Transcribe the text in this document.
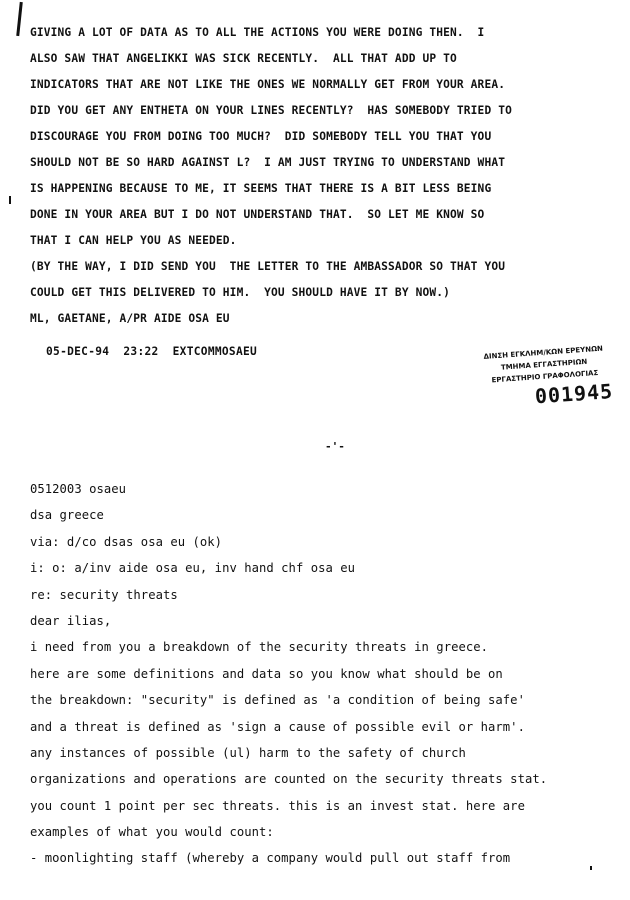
GIVING A LOT OF DATA AS TO ALL THE ACTIONS YOU WERE DOING THEN.  I
ALSO SAW THAT ANGELIKKI WAS SICK RECENTLY.  ALL THAT ADD UP TO
INDICATORS THAT ARE NOT LIKE THE ONES WE NORMALLY GET FROM YOUR AREA.
DID YOU GET ANY ENTHETA ON YOUR LINES RECENTLY?  HAS SOMEBODY TRIED TO
DISCOURAGE YOU FROM DOING TOO MUCH?  DID SOMEBODY TELL YOU THAT YOU
SHOULD NOT BE SO HARD AGAINST L?  I AM JUST TRYING TO UNDERSTAND WHAT
IS HAPPENING BECAUSE TO ME, IT SEEMS THAT THERE IS A BIT LESS BEING
DONE IN YOUR AREA BUT I DO NOT UNDERSTAND THAT.  SO LET ME KNOW SO
THAT I CAN HELP YOU AS NEEDED.
(BY THE WAY, I DID SEND YOU  THE LETTER TO THE AMBASSADOR SO THAT YOU
COULD GET THIS DELIVERED TO HIM.  YOU SHOULD HAVE IT BY NOW.)
ML, GAETANE, A/PR AIDE OSA EU
05-DEC-94  23:22  EXTCOMMOSAEU	ΔΙΝΣΗ ΕΓΚΛΗΜ/ΚΩΝ ΕΡΕΥΝΩΝ
ΤΜΗΜΑ ΕΓΓΑΣΤΗΡΙΩΝ
ΕΡΓΑΣΤΗΡΙΟ ΓΡΑΦΟΛΟΓΙΑΣ
001945
-'-
0512003 osaeu
dsa greece
via: d/co dsas osa eu (ok)
i: o: a/inv aide osa eu, inv hand chf osa eu
re: security threats
dear ilias,
i need from you a breakdown of the security threats in greece.
here are some definitions and data so you know what should be on
the breakdown: "security" is defined as 'a condition of being safe'
and a threat is defined as 'sign a cause of possible evil or harm'.
any instances of possible (ul) harm to the safety of church
organizations and operations are counted on the security threats stat.
you count 1 point per sec threats. this is an invest stat. here are
examples of what you would count:
- moonlighting staff (whereby a company would pull out staff from
